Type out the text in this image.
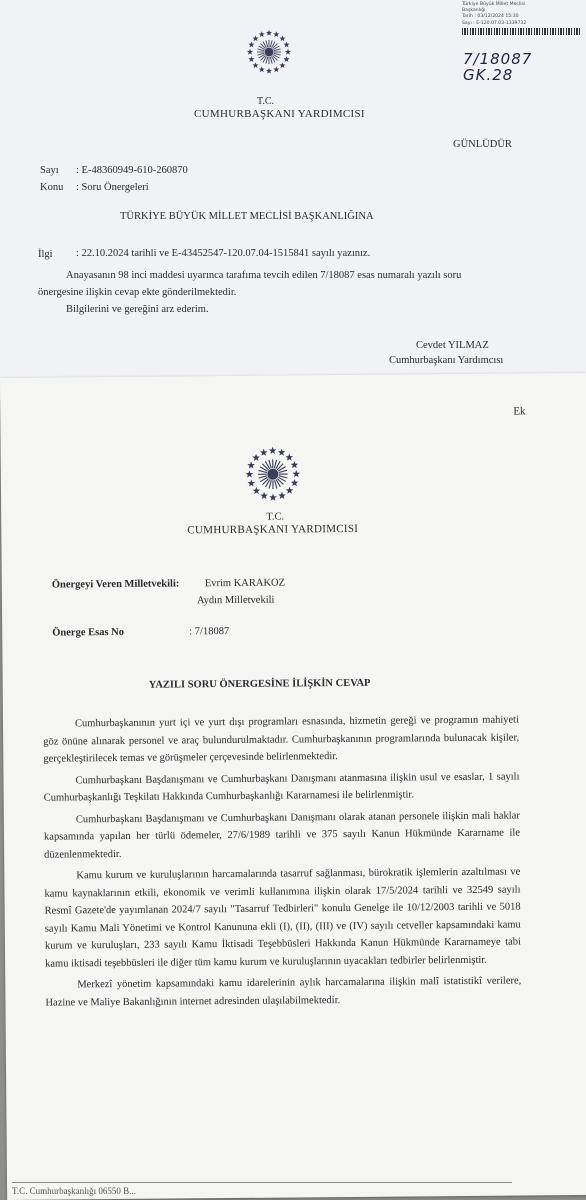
Türkiye Büyük Millet Meclisi
Başkanlığı
Tarih : 03/12/2024 15:30
Sayı : E-120.07.03-1339732
7/18087
GK.28
T.C.
CUMHURBAŞKANI YARDIMCISI
GÜNLÜDÜR
Sayı : E-48360949-610-260870
Konu : Soru Önergeleri
TÜRKİYE BÜYÜK MİLLET MECLİSİ BAŞKANLIĞINA
İlgi : 22.10.2024 tarihli ve E-43452547-120.07.04-1515841 sayılı yazınız.
Anayasanın 98 inci maddesi uyarınca tarafıma tevcih edilen 7/18087 esas numaralı yazılı soru
önergesine ilişkin cevap ekte gönderilmektedir.
Bilgilerini ve gereğini arz ederim.
Cevdet YILMAZ
Cumhurbaşkanı Yardımcısı
Ek
T.C.
CUMHURBAŞKANI YARDIMCISI
Önergeyi Veren Milletvekili: Evrim KARAKOZ
Aydın Milletvekili
Önerge Esas No	: 7/18087
YAZILI SORU ÖNERGESİNE İLİŞKİN CEVAP

Cumhurbaşkanının yurt içi ve yurt dışı programları esnasında, hizmetin gereği ve programın mahiyeti göz önüne alınarak personel ve araç bulundurulmaktadır. Cumhurbaşkanının programlarında bulunacak kişiler, gerçekleştirilecek temas ve görüşmeler çerçevesinde belirlenmektedir.

Cumhurbaşkanı Başdanışmanı ve Cumhurbaşkanı Danışmanı atanmasına ilişkin usul ve esaslar, 1 sayılı Cumhurbaşkanlığı Teşkilatı Hakkında Cumhurbaşkanlığı Kararnamesi ile belirlenmiştir.

Cumhurbaşkanı Başdanışmanı ve Cumhurbaşkanı Danışmanı olarak atanan personele ilişkin mali haklar kapsamında yapılan her türlü ödemeler, 27/6/1989 tarihli ve 375 sayılı Kanun Hükmünde Kararname ile düzenlenmektedir.

Kamu kurum ve kuruluşlarının harcamalarında tasarruf sağlanması, bürokratik işlemlerin azaltılması ve kamu kaynaklarının etkili, ekonomik ve verimli kullanımına ilişkin olarak 17/5/2024 tarihli ve 32549 sayılı Resmî Gazete'de yayımlanan 2024/7 sayılı "Tasarruf Tedbirleri" konulu Genelge ile 10/12/2003 tarihli ve 5018 sayılı Kamu Mali Yönetimi ve Kontrol Kanununa ekli (I), (II), (III) ve (IV) sayılı cetveller kapsamındaki kamu kurum ve kuruluşları, 233 sayılı Kamu İktisadi Teşebbüsleri Hakkında Kanun Hükmünde Kararnameye tabi kamu iktisadi teşebbüsleri ile diğer tüm kamu kurum ve kuruluşlarının uyacakları tedbirler belirlenmiştir.

Merkezî yönetim kapsamındaki kamu idarelerinin aylık harcamalarına ilişkin malî istatistikî verilere, Hazine ve Maliye Bakanlığının internet adresinden ulaşılabilmektedir.

T.C. Cumhurbaşkanlığı 06550 B...
